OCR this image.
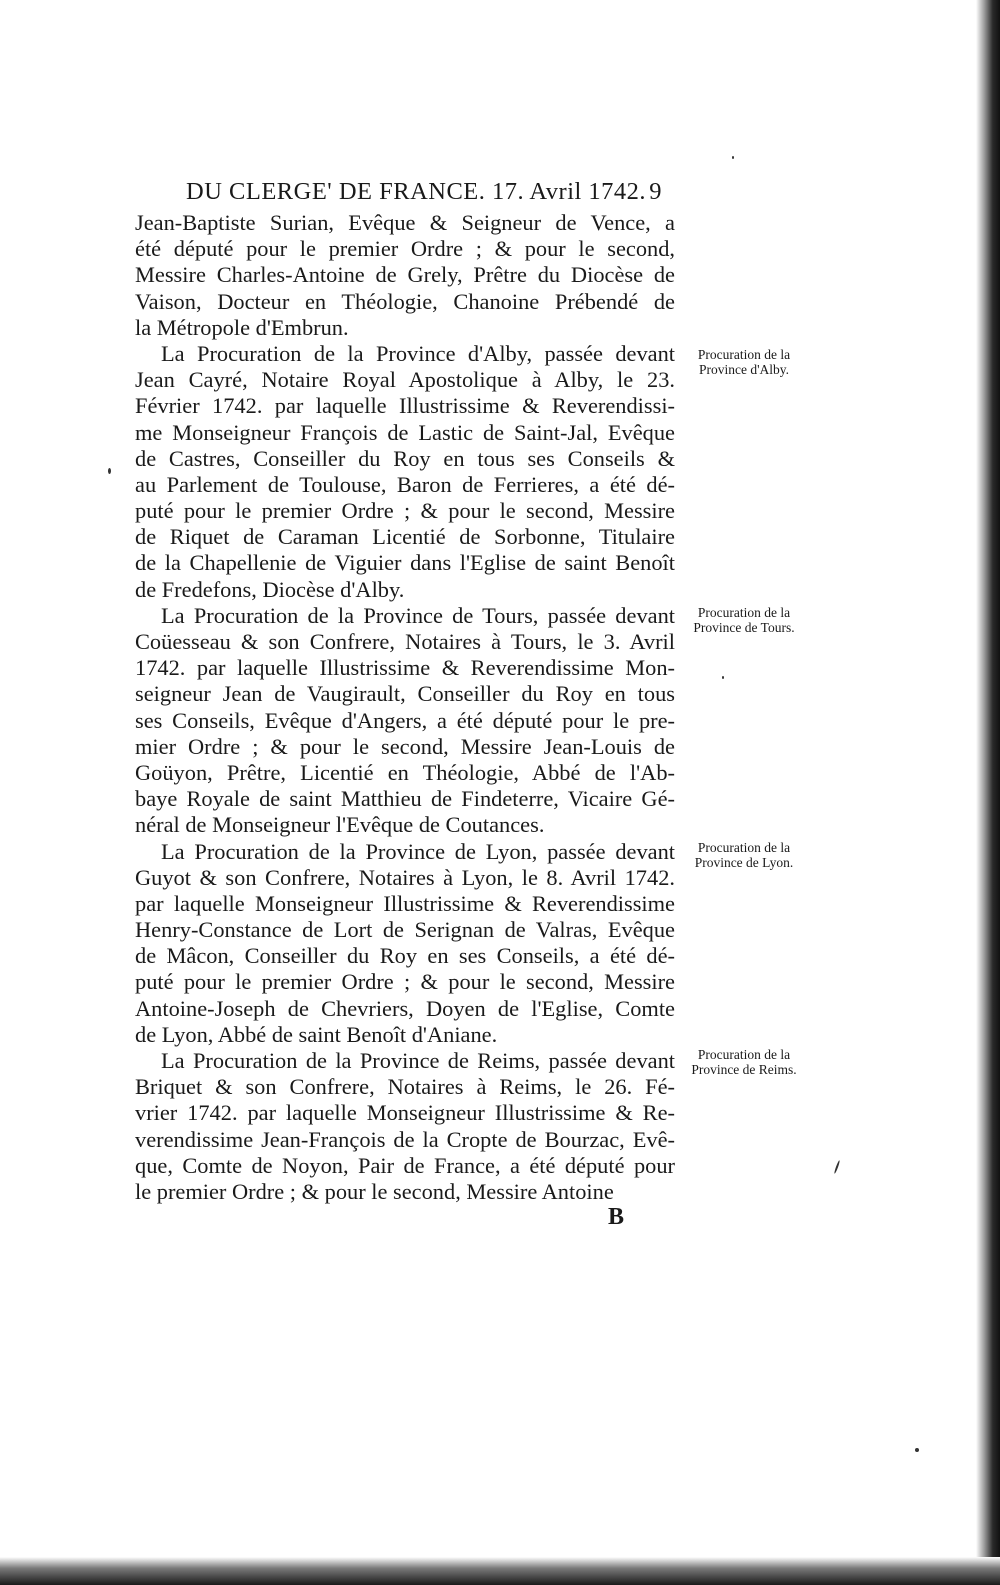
DU CLERGE' DE FRANCE. 17. Avril 1742. 9
Jean-Baptiste Surian, Evêque & Seigneur de Vence, a
été député pour le premier Ordre ; & pour le second,
Messire Charles-Antoine de Grely, Prêtre du Diocèse de
Vaison, Docteur en Théologie, Chanoine Prébendé de
la Métropole d'Embrun.
La Procuration de la Province d'Alby, passée devant
Jean Cayré, Notaire Royal Apostolique à Alby, le 23.
Février 1742. par laquelle Illustrissime & Reverendissi-
me Monseigneur François de Lastic de Saint-Jal, Evêque
de Castres, Conseiller du Roy en tous ses Conseils &
au Parlement de Toulouse, Baron de Ferrieres, a été dé-
puté pour le premier Ordre ; & pour le second, Messire
de Riquet de Caraman Licentié de Sorbonne, Titulaire
de la Chapellenie de Viguier dans l'Eglise de saint Benoît
de Fredefons, Diocèse d'Alby.
La Procuration de la Province de Tours, passée devant
Coüesseau & son Confrere, Notaires à Tours, le 3. Avril
1742. par laquelle Illustrissime & Reverendissime Mon-
seigneur Jean de Vaugirault, Conseiller du Roy en tous
ses Conseils, Evêque d'Angers, a été député pour le pre-
mier Ordre ; & pour le second, Messire Jean-Louis de
Goüyon, Prêtre, Licentié en Théologie, Abbé de l'Ab-
baye Royale de saint Matthieu de Findeterre, Vicaire Gé-
néral de Monseigneur l'Evêque de Coutances.
La Procuration de la Province de Lyon, passée devant
Guyot & son Confrere, Notaires à Lyon, le 8. Avril 1742.
par laquelle Monseigneur Illustrissime & Reverendissime
Henry-Constance de Lort de Serignan de Valras, Evêque
de Mâcon, Conseiller du Roy en ses Conseils, a été dé-
puté pour le premier Ordre ; & pour le second, Messire
Antoine-Joseph de Chevriers, Doyen de l'Eglise, Comte
de Lyon, Abbé de saint Benoît d'Aniane.
La Procuration de la Province de Reims, passée devant
Briquet & son Confrere, Notaires à Reims, le 26. Fé-
vrier 1742. par laquelle Monseigneur Illustrissime & Re-
verendissime Jean-François de la Cropte de Bourzac, Evê-
que, Comte de Noyon, Pair de France, a été député pour
le premier Ordre ; & pour le second, Messire Antoine
Procuration de la
Province d'Alby.
Procuration de la
Province de Tours.
Procuration de la
Province de Lyon.
Procuration de la
Province de Reims.
B
